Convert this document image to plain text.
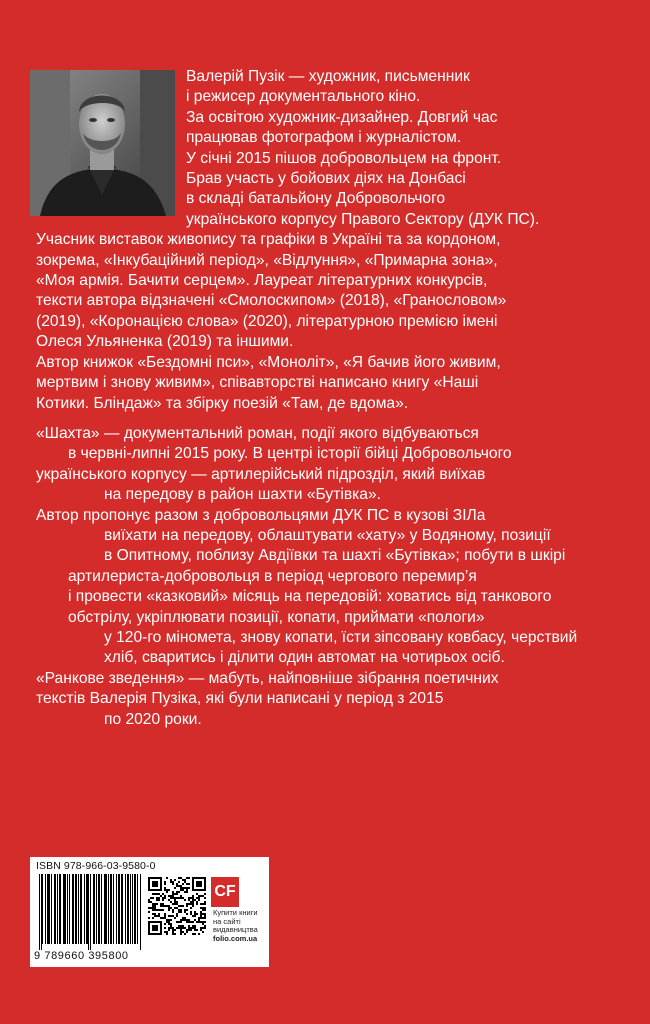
Валерій Пузік — художник, письменник
і режисер документального кіно.
За освітою художник-дизайнер. Довгий час
працював фотографом і журналістом.
У січні 2015 пішов добровольцем на фронт.
Брав участь у бойових діях на Донбасі
в складі батальйону Добровольчого
українського корпусу Правого Сектору (ДУК ПС).
Учасник виставок живопису та графіки в Україні та за кордоном,
зокрема, «Інкубаційний період», «Відлуння», «Примарна зона»,
«Моя армія. Бачити серцем». Лауреат літературних конкурсів,
тексти автора відзначені «Смолоскипом» (2018), «Гранословом»
(2019), «Коронацією слова» (2020), літературною премією імені
Олеся Ульяненка (2019) та іншими.
Автор книжок «Бездомні пси», «Моноліт», «Я бачив його живим,
мертвим і знову живим», співавторстві написано книгу «Наші
Котики. Бліндаж» та збірку поезій «Там, де вдома».
«Шахта» — документальний роман, події якого відбуваються
в червні-липні 2015 року. В центрі історії бійці Добровольчого
українського корпусу — артилерійський підрозділ, який виїхав
на передову в район шахти «Бутівка».
Автор пропонує разом з добровольцями ДУК ПС в кузові ЗІЛа
виїхати на передову, облаштувати «хату» у Водяному, позиції
в Опитному, поблизу Авдіївки та шахті «Бутівка»; побути в шкірі
артилериста-добровольця в період чергового перемир’я
і провести «казковий» місяць на передовій: ховатись від танкового
обстрілу, укріплювати позиції, копати, приймати «пологи»
у 120-го міномета, знову копати, їсти зіпсовану ковбасу, черствий
хліб, сваритись і ділити один автомат на чотирьох осіб.
«Ранкове зведення» — мабуть, найповніше зібрання поетичних
текстів Валерія Пузіка, які були написані у період з 2015
по 2020 роки.
ISBN 978-966-03-9580-0
CF
Купити книги
на сайті
видавництва
folio.com.ua
9 789660 395800
